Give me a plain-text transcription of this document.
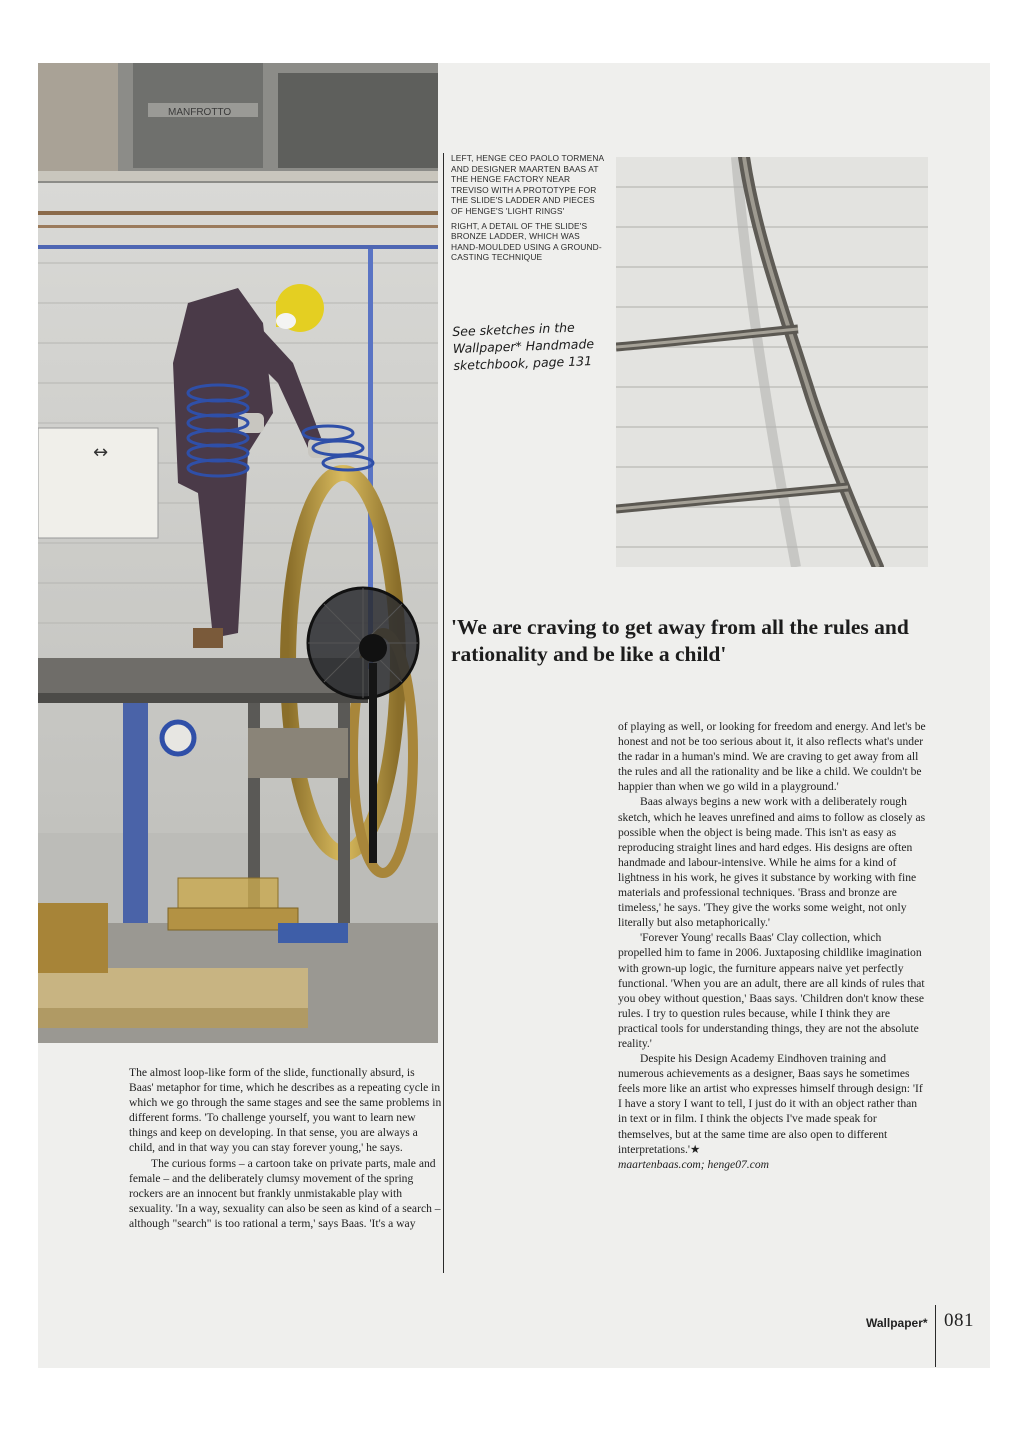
MANFROTTO
↔

LEFT, HENGE CEO PAOLO TORMENA AND DESIGNER MAARTEN BAAS AT THE HENGE FACTORY NEAR TREVISO WITH A PROTOTYPE FOR THE SLIDE'S LADDER AND PIECES OF HENGE'S 'LIGHT RINGS'

RIGHT, A DETAIL OF THE SLIDE'S BRONZE LADDER, WHICH WAS HAND-MOULDED USING A GROUND-CASTING TECHNIQUE

See sketches in the
Wallpaper* Handmade
sketchbook, page 131
'We are craving to get away from all the rules and rationality and be like a child'

The almost loop-like form of the slide, functionally absurd, is Baas' metaphor for time, which he describes as a repeating cycle in which we go through the same stages and see the same problems in different forms. 'To challenge yourself, you want to learn new things and keep on developing. In that sense, you are always a child, and in that way you can stay forever young,' he says.

The curious forms – a cartoon take on private parts, male and female – and the deliberately clumsy movement of the spring rockers are an innocent but frankly unmistakable play with sexuality. 'In a way, sexuality can also be seen as kind of a search – although "search" is too rational a term,' says Baas. 'It's a way

of playing as well, or looking for freedom and energy. And let's be honest and not be too serious about it, it also reflects what's under the radar in a human's mind. We are craving to get away from all the rules and all the rationality and be like a child. We couldn't be happier than when we go wild in a playground.'

Baas always begins a new work with a deliberately rough sketch, which he leaves unrefined and aims to follow as closely as possible when the object is being made. This isn't as easy as reproducing straight lines and hard edges. His designs are often handmade and labour-intensive. While he aims for a kind of lightness in his work, he gives it substance by working with fine materials and professional techniques. 'Brass and bronze are timeless,' he says. 'They give the works some weight, not only literally but also metaphorically.'

'Forever Young' recalls Baas' Clay collection, which propelled him to fame in 2006. Juxtaposing childlike imagination with grown-up logic, the furniture appears naive yet perfectly functional. 'When you are an adult, there are all kinds of rules that you obey without question,' Baas says. 'Children don't know these rules. I try to question rules because, while I think they are practical tools for understanding things, they are not the absolute reality.'

Despite his Design Academy Eindhoven training and numerous achievements as a designer, Baas says he sometimes feels more like an artist who expresses himself through design: 'If I have a story I want to tell, I just do it with an object rather than in text or in film. I think the objects I've made speak for themselves, but at the same time are also open to different interpretations.'★

maartenbaas.com; henge07.com

Wallpaper* 081
